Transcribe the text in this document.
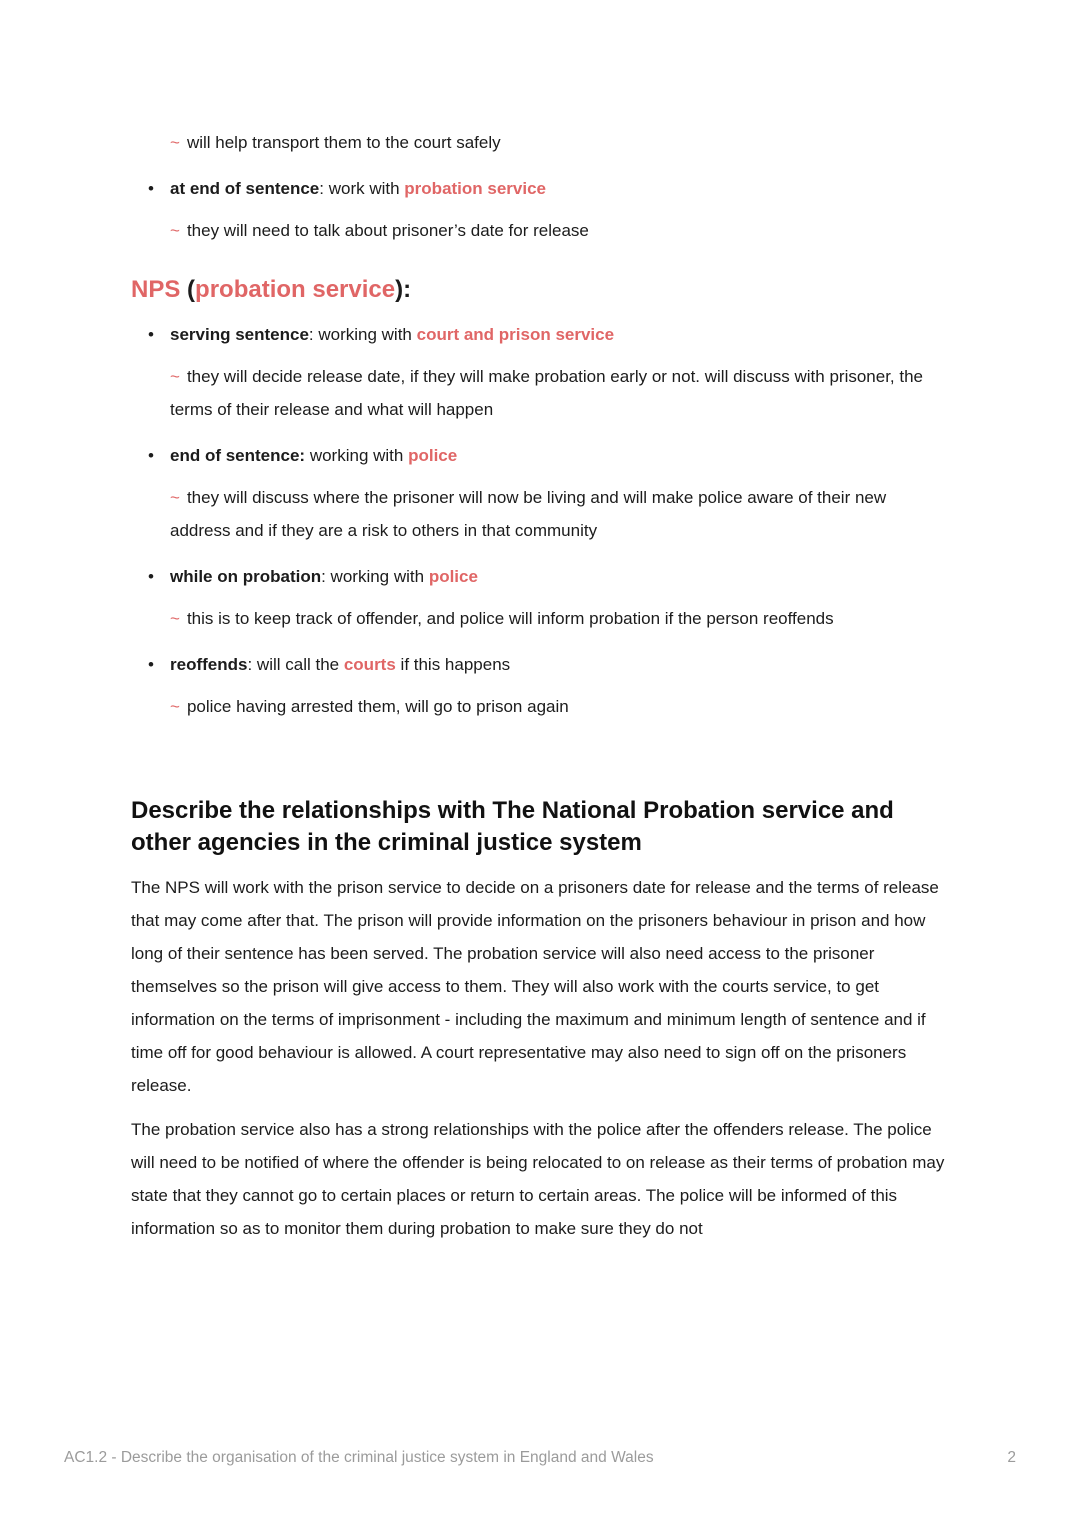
~ will help transport them to the court safely
• at end of sentence: work with probation service
~ they will need to talk about prisoner’s date for release
NPS (probation service):
• serving sentence: working with court and prison service
~ they will decide release date, if they will make probation early or not. will discuss with prisoner, the terms of their release and what will happen
• end of sentence: working with police
~ they will discuss where the prisoner will now be living and will make police aware of their new address and if they are a risk to others in that community
• while on probation: working with police
~ this is to keep track of offender, and police will inform probation if the person reoffends
• reoffends: will call the courts if this happens
~ police having arrested them, will go to prison again
Describe the relationships with The National Probation service and other agencies in the criminal justice system

The NPS will work with the prison service to decide on a prisoners date for release and the terms of release that may come after that. The prison will provide information on the prisoners behaviour in prison and how long of their sentence has been served. The probation service will also need access to the prisoner themselves so the prison will give access to them. They will also work with the courts service, to get information on the terms of imprisonment - including the maximum and minimum length of sentence and if time off for good behaviour is allowed. A court representative may also need to sign off on the prisoners release.

The probation service also has a strong relationships with the police after the offenders release. The police will need to be notified of where the offender is being relocated to on release as their terms of probation may state that they cannot go to certain places or return to certain areas. The police will be informed of this information so as to monitor them during probation to make sure they do not

AC1.2 - Describe the organisation of the criminal justice system in England and Wales	2
